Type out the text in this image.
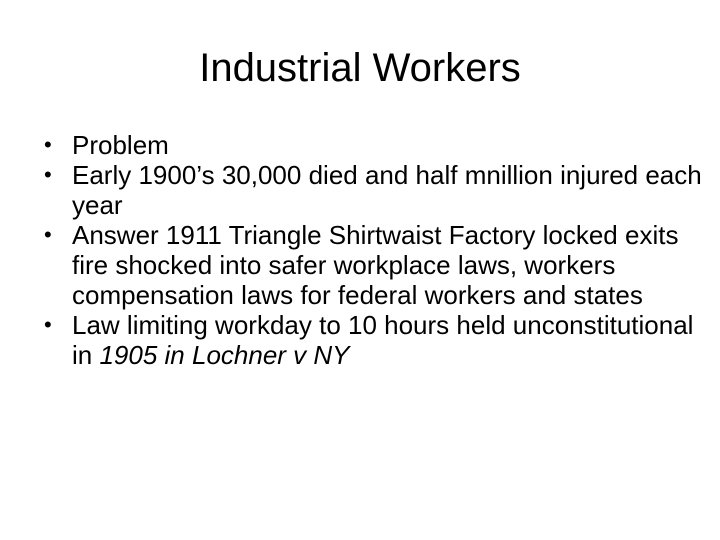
Industrial Workers
• Problem
• Early 1900’s 30,000 died and half mnillion injured each year
• Answer 1911 Triangle Shirtwaist Factory locked exits fire shocked into safer workplace laws, workers compensation laws for federal workers and states
• Law limiting workday to 10 hours held unconstitutional in 1905 in Lochner v NY
